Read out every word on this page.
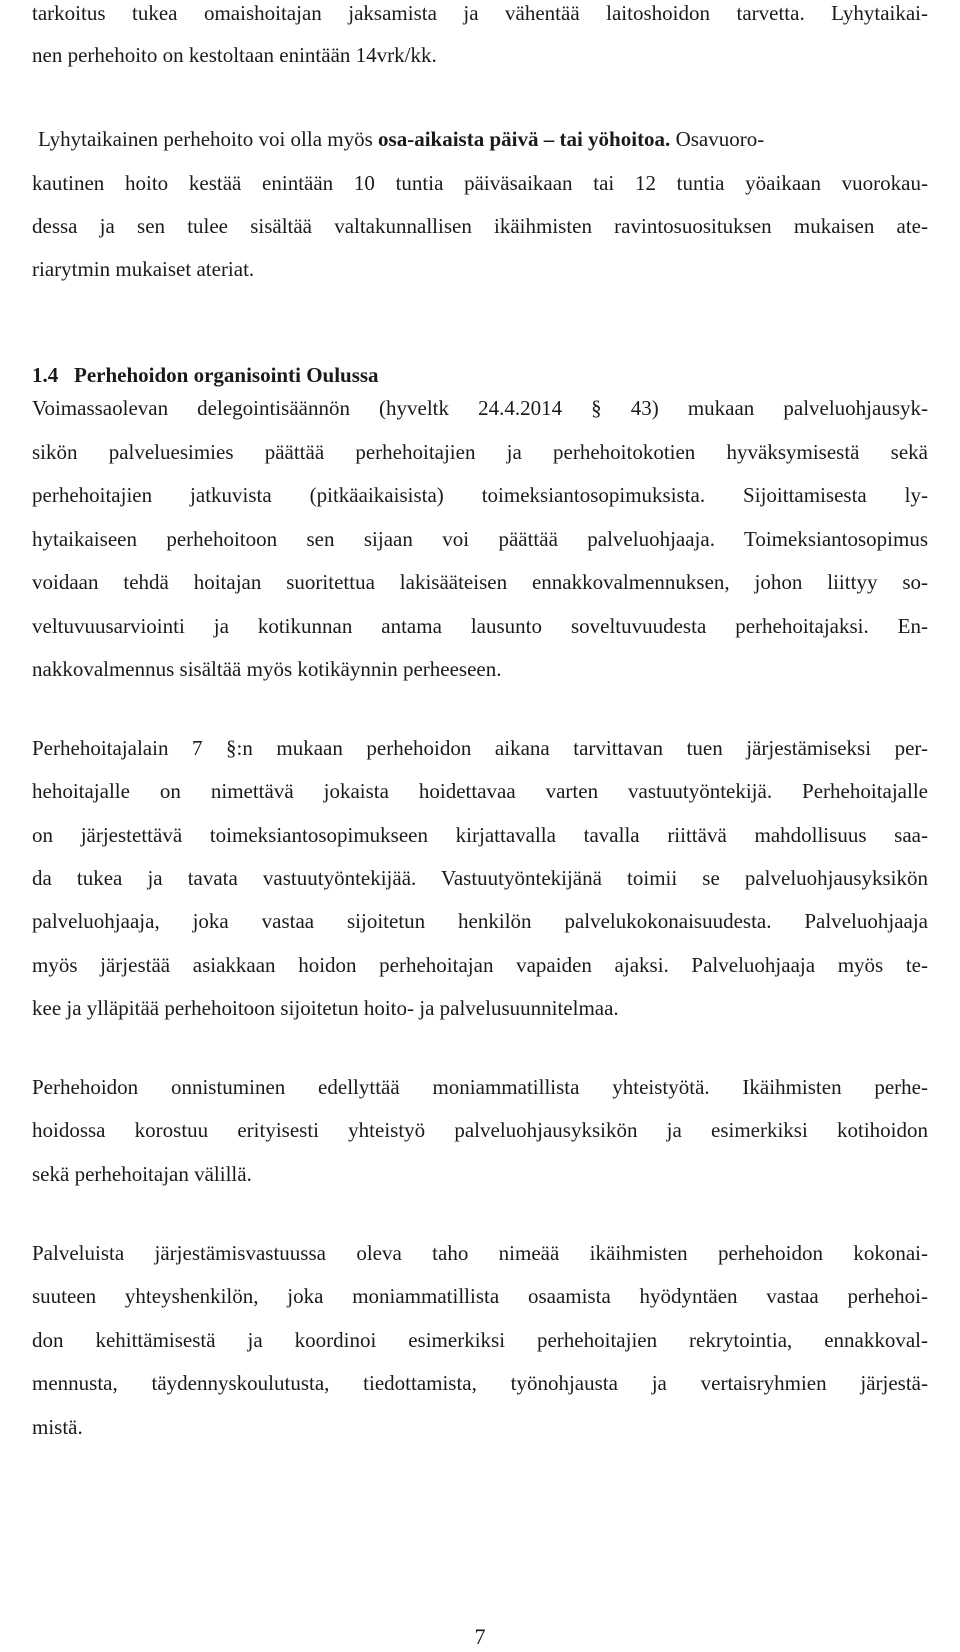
tarkoitus tukea omaishoitajan jaksamista ja vähentää laitoshoidon tarvetta. Lyhytaikai-
nen perhehoito on kestoltaan enintään 14vrk/kk.
Lyhytaikainen perhehoito voi olla myös osa-aikaista päivä – tai yöhoitoa. Osavuoro-
kautinen hoito kestää enintään 10 tuntia päiväsaikaan tai 12 tuntia yöaikaan vuorokau-
dessa ja sen tulee sisältää valtakunnallisen ikäihmisten ravintosuosituksen mukaisen ate-
riarytmin mukaiset ateriat.
1.4 Perhehoidon organisointi Oulussa
Voimassaolevan delegointisäännön (hyveltk 24.4.2014 § 43) mukaan palveluohjausyk-
sikön palveluesimies päättää perhehoitajien ja perhehoitokotien hyväksymisestä sekä
perhehoitajien jatkuvista (pitkäaikaisista) toimeksiantosopimuksista. Sijoittamisesta ly-
hytaikaiseen perhehoitoon sen sijaan voi päättää palveluohjaaja. Toimeksiantosopimus
voidaan tehdä hoitajan suoritettua lakisääteisen ennakkovalmennuksen, johon liittyy so-
veltuvuusarviointi ja kotikunnan antama lausunto soveltuvuudesta perhehoitajaksi. En-
nakkovalmennus sisältää myös kotikäynnin perheeseen.
Perhehoitajalain 7 §:n mukaan perhehoidon aikana tarvittavan tuen järjestämiseksi per-
hehoitajalle on nimettävä jokaista hoidettavaa varten vastuutyöntekijä. Perhehoitajalle
on järjestettävä toimeksiantosopimukseen kirjattavalla tavalla riittävä mahdollisuus saa-
da tukea ja tavata vastuutyöntekijää. Vastuutyöntekijänä toimii se palveluohjausyksikön
palveluohjaaja, joka vastaa sijoitetun henkilön palvelukokonaisuudesta. Palveluohjaaja
myös järjestää asiakkaan hoidon perhehoitajan vapaiden ajaksi. Palveluohjaaja myös te-
kee ja ylläpitää perhehoitoon sijoitetun hoito- ja palvelusuunnitelmaa.
Perhehoidon onnistuminen edellyttää moniammatillista yhteistyötä. Ikäihmisten perhe-
hoidossa korostuu erityisesti yhteistyö palveluohjausyksikön ja esimerkiksi kotihoidon
sekä perhehoitajan välillä.
Palveluista järjestämisvastuussa oleva taho nimeää ikäihmisten perhehoidon kokonai-
suuteen yhteyshenkilön, joka moniammatillista osaamista hyödyntäen vastaa perhehoi-
don kehittämisestä ja koordinoi esimerkiksi perhehoitajien rekrytointia, ennakkoval-
mennusta, täydennyskoulutusta, tiedottamista, työnohjausta ja vertaisryhmien järjestä-
mistä.
7
